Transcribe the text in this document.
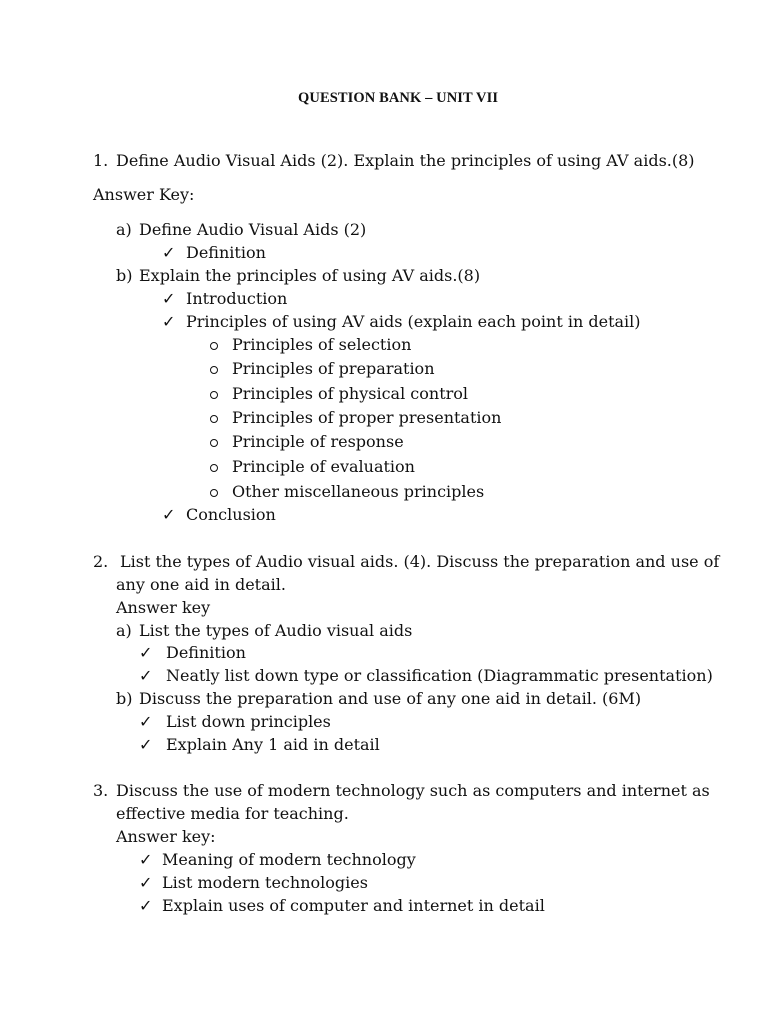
QUESTION BANK – UNIT VII
1. Define Audio Visual Aids (2). Explain the principles of using AV aids.(8)
Answer Key:
a) Define Audio Visual Aids (2)
✓ Definition
b) Explain the principles of using AV aids.(8)
✓ Introduction
✓ Principles of using AV aids (explain each point in detail)
Principles of selection
Principles of preparation
Principles of physical control
Principles of proper presentation
Principle of response
Principle of evaluation
Other miscellaneous principles
✓ Conclusion
2. List the types of Audio visual aids. (4). Discuss the preparation and use of
any one aid in detail.
Answer key
a) List the types of Audio visual aids
✓ Definition
✓ Neatly list down type or classification (Diagrammatic presentation)
b) Discuss the preparation and use of any one aid in detail. (6M)
✓ List down principles
✓ Explain Any 1 aid in detail
3. Discuss the use of modern technology such as computers and internet as
effective media for teaching.
Answer key:
✓ Meaning of modern technology
✓ List modern technologies
✓ Explain uses of computer and internet in detail
